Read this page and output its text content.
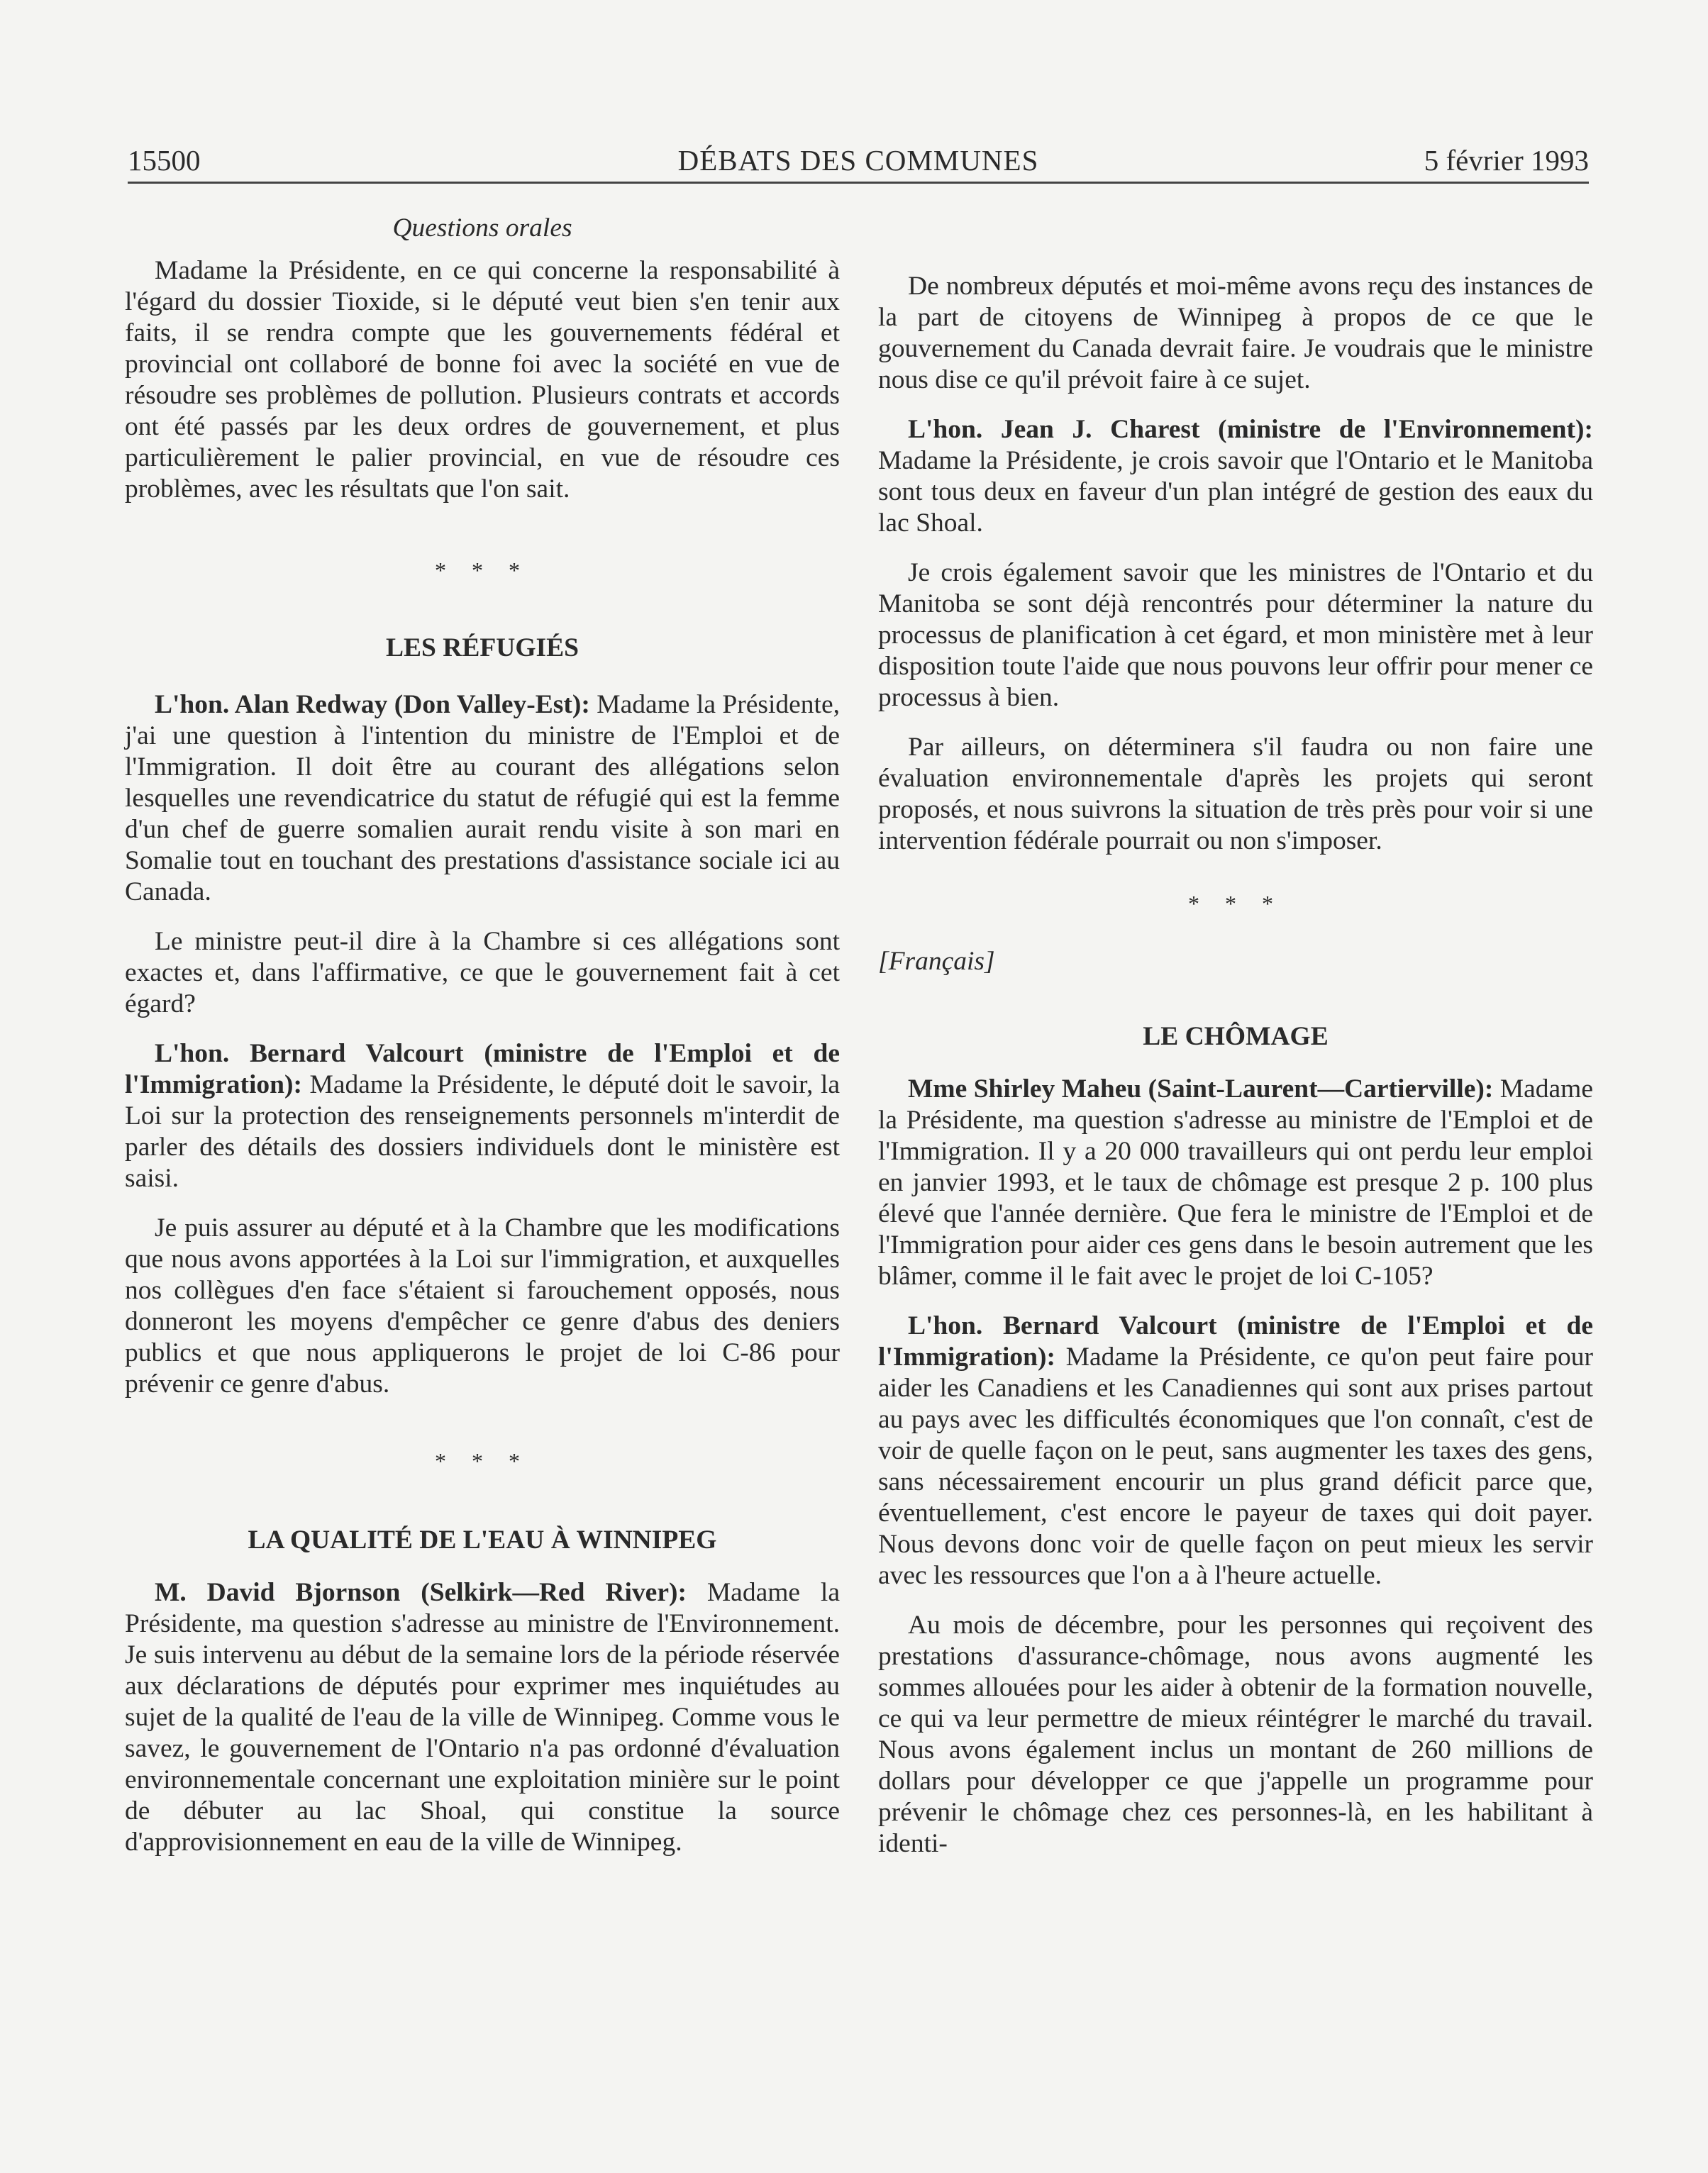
15500	DÉBATS DES COMMUNES	5 février 1993
Questions orales

Madame la Présidente, en ce qui concerne la responsabilité à l'égard du dossier Tioxide, si le député veut bien s'en tenir aux faits, il se rendra compte que les gouvernements fédéral et provincial ont collaboré de bonne foi avec la société en vue de résoudre ses problèmes de pollution. Plusieurs contrats et accords ont été passés par les deux ordres de gouvernement, et plus particulièrement le palier provincial, en vue de résoudre ces problèmes, avec les résultats que l'on sait.

* * *
LES RÉFUGIÉS

L'hon. Alan Redway (Don Valley-Est): Madame la Présidente, j'ai une question à l'intention du ministre de l'Emploi et de l'Immigration. Il doit être au courant des allégations selon lesquelles une revendicatrice du statut de réfugié qui est la femme d'un chef de guerre somalien aurait rendu visite à son mari en Somalie tout en touchant des prestations d'assistance sociale ici au Canada.

Le ministre peut-il dire à la Chambre si ces allégations sont exactes et, dans l'affirmative, ce que le gouvernement fait à cet égard?

L'hon. Bernard Valcourt (ministre de l'Emploi et de l'Immigration): Madame la Présidente, le député doit le savoir, la Loi sur la protection des renseignements personnels m'interdit de parler des détails des dossiers individuels dont le ministère est saisi.

Je puis assurer au député et à la Chambre que les modifications que nous avons apportées à la Loi sur l'immigration, et auxquelles nos collègues d'en face s'étaient si farouchement opposés, nous donneront les moyens d'empêcher ce genre d'abus des deniers publics et que nous appliquerons le projet de loi C-86 pour prévenir ce genre d'abus.

* * *
LA QUALITÉ DE L'EAU À WINNIPEG

M. David Bjornson (Selkirk—Red River): Madame la Présidente, ma question s'adresse au ministre de l'Environnement. Je suis intervenu au début de la semaine lors de la période réservée aux déclarations de députés pour exprimer mes inquiétudes au sujet de la qualité de l'eau de la ville de Winnipeg. Comme vous le savez, le gouvernement de l'Ontario n'a pas ordonné d'évaluation environnementale concernant une exploitation minière sur le point de débuter au lac Shoal, qui constitue la source d'approvisionnement en eau de la ville de Winnipeg.

De nombreux députés et moi-même avons reçu des instances de la part de citoyens de Winnipeg à propos de ce que le gouvernement du Canada devrait faire. Je voudrais que le ministre nous dise ce qu'il prévoit faire à ce sujet.

L'hon. Jean J. Charest (ministre de l'Environnement): Madame la Présidente, je crois savoir que l'Ontario et le Manitoba sont tous deux en faveur d'un plan intégré de gestion des eaux du lac Shoal.

Je crois également savoir que les ministres de l'Ontario et du Manitoba se sont déjà rencontrés pour déterminer la nature du processus de planification à cet égard, et mon ministère met à leur disposition toute l'aide que nous pouvons leur offrir pour mener ce processus à bien.

Par ailleurs, on déterminera s'il faudra ou non faire une évaluation environnementale d'après les projets qui seront proposés, et nous suivrons la situation de très près pour voir si une intervention fédérale pourrait ou non s'imposer.

* * *
[Français]
LE CHÔMAGE

Mme Shirley Maheu (Saint-Laurent—Cartierville): Madame la Présidente, ma question s'adresse au ministre de l'Emploi et de l'Immigration. Il y a 20 000 travailleurs qui ont perdu leur emploi en janvier 1993, et le taux de chômage est presque 2 p. 100 plus élevé que l'année dernière. Que fera le ministre de l'Emploi et de l'Immigration pour aider ces gens dans le besoin autrement que les blâmer, comme il le fait avec le projet de loi C-105?

L'hon. Bernard Valcourt (ministre de l'Emploi et de l'Immigration): Madame la Présidente, ce qu'on peut faire pour aider les Canadiens et les Canadiennes qui sont aux prises partout au pays avec les difficultés économiques que l'on connaît, c'est de voir de quelle façon on le peut, sans augmenter les taxes des gens, sans nécessairement encourir un plus grand déficit parce que, éventuellement, c'est encore le payeur de taxes qui doit payer. Nous devons donc voir de quelle façon on peut mieux les servir avec les ressources que l'on a à l'heure actuelle.

Au mois de décembre, pour les personnes qui reçoivent des prestations d'assurance-chômage, nous avons augmenté les sommes allouées pour les aider à obtenir de la formation nouvelle, ce qui va leur permettre de mieux réintégrer le marché du travail. Nous avons également inclus un montant de 260 millions de dollars pour développer ce que j'appelle un programme pour prévenir le chômage chez ces personnes-là, en les habilitant à identi-
